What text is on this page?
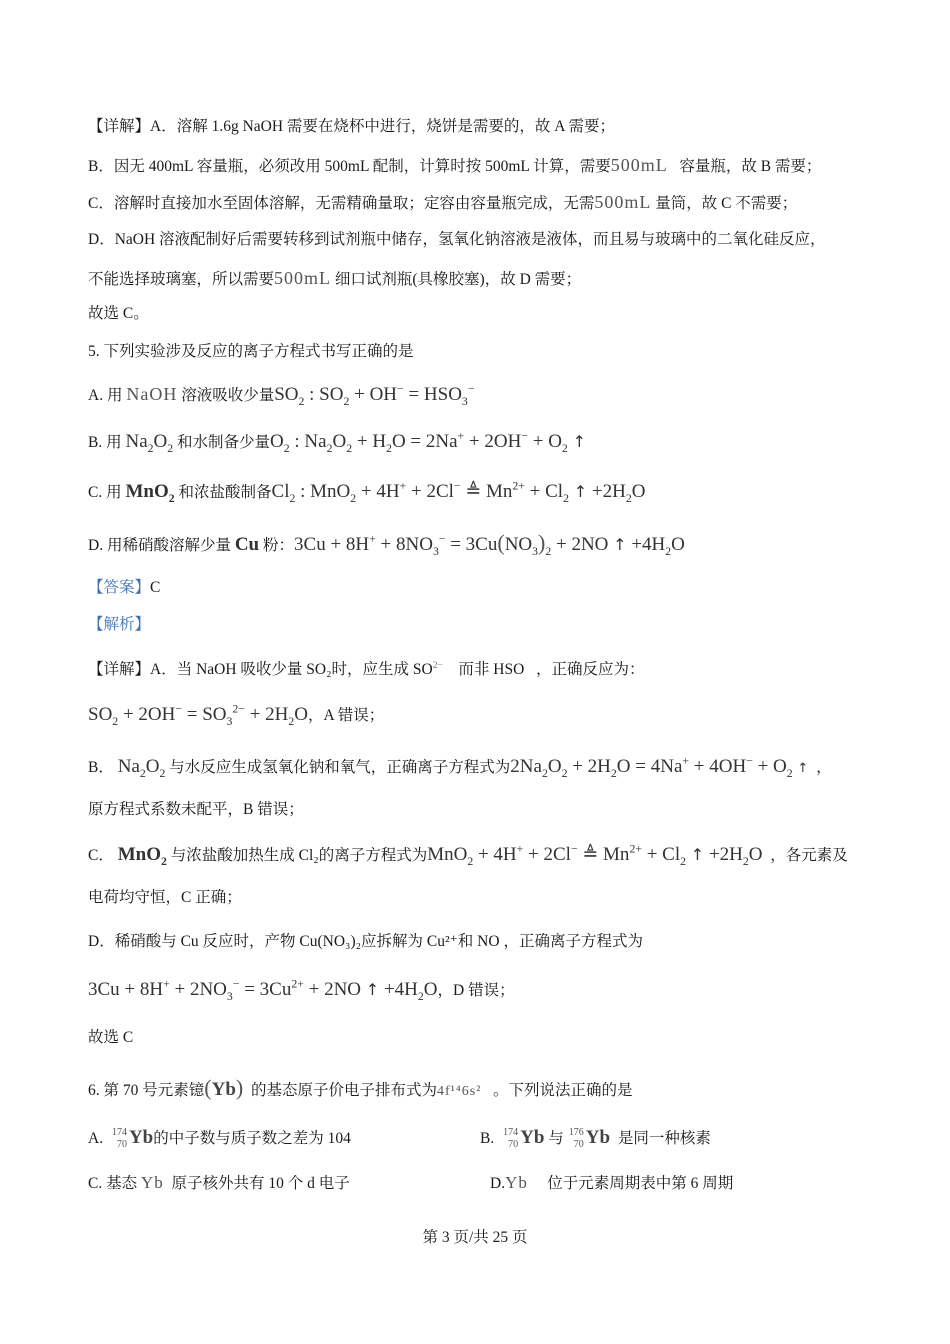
【详解】A．溶解 1.6g NaOH 需要在烧杯中进行，烧饼是需要的，故 A 需要；
B．因无 400mL 容量瓶，必须改用 500mL 配制，计算时按 500mL 计算，需要500mL 容量瓶，故 B 需要；
C．溶解时直接加水至固体溶解，无需精确量取；定容由容量瓶完成，无需500mL 量筒，故 C 不需要；
D．NaOH 溶液配制好后需要转移到试剂瓶中储存，氢氧化钠溶液是液体，而且易与玻璃中的二氧化硅反应，
不能选择玻璃塞，所以需要500mL 细口试剂瓶(具橡胶塞)，故 D 需要；
故选 C。
5. 下列实验涉及反应的离子方程式书写正确的是
A. 用 NaOH 溶液吸收少量$SO_2$ : $SO_2 + OH^- = HSO_3^-$
B. 用 $Na_2O_2$ 和水制备少量$O_2$ : $Na_2O_2 + H_2O = 2Na^+ + 2OH^- + O_2$ ↑
C. 用 MnO$_2$ 和浓盐酸制备$Cl_2$ : MnO$_2$ + 4H+ + 2Cl− ≜ $Mn^{2+} + Cl_2$ ↑ $+2H_2O$
D. 用稀硝酸溶解少量 Cu 粉：$3Cu + 8H^+ + 8NO_3^- = 3Cu(NO_3)_2 + 2NO$ ↑ $+4H_2O$
【答案】C
【解析】
【详解】A．当 NaOH 吸收少量 SO₂时，应生成 $SO^{2-}$ 而非 HSO ，正确反应为：
$SO_2 + 2OH^- = SO_3^{2-} + 2H_2O$，A 错误；
B． $Na_2O_2$ 与水反应生成氢氧化钠和氧气，正确离子方程式为$2Na_2O_2 + 2H_2O = 4Na^+ + 4OH^- + O_2$ ↑ ，
原方程式系数未配平，B 错误；
C． MnO$_2$ 与浓盐酸加热生成 Cl₂的离子方程式为MnO$_2$ + 4H+ + 2Cl− ≜ $Mn^{2+} + Cl_2$ ↑ $+2H_2O$ ，各元素及
电荷均守恒，C 正确；
D．稀硝酸与 Cu 反应时，产物 Cu(NO₃)₂应拆解为 Cu²⁺和 NO ，正确离子方程式为
$3Cu + 8H^+ + 2NO_3^- = 3Cu^{2+} + 2NO$ ↑ $+4H_2O$，D 错误；
故选 C
6. 第 70 号元素镱(Yb) 的基态原子价电子排布式为4f¹⁴6s² 。下列说法正确的是
A. 174
70 Yb的中子数与质子数之差为 104	B. 174
70 Yb 与 176
70 Yb 是同一种核素
C. 基态 Yb 原子核外共有 10 个 d 电子	D.Yb 位于元素周期表中第 6 周期
第 3 页/共 25 页
